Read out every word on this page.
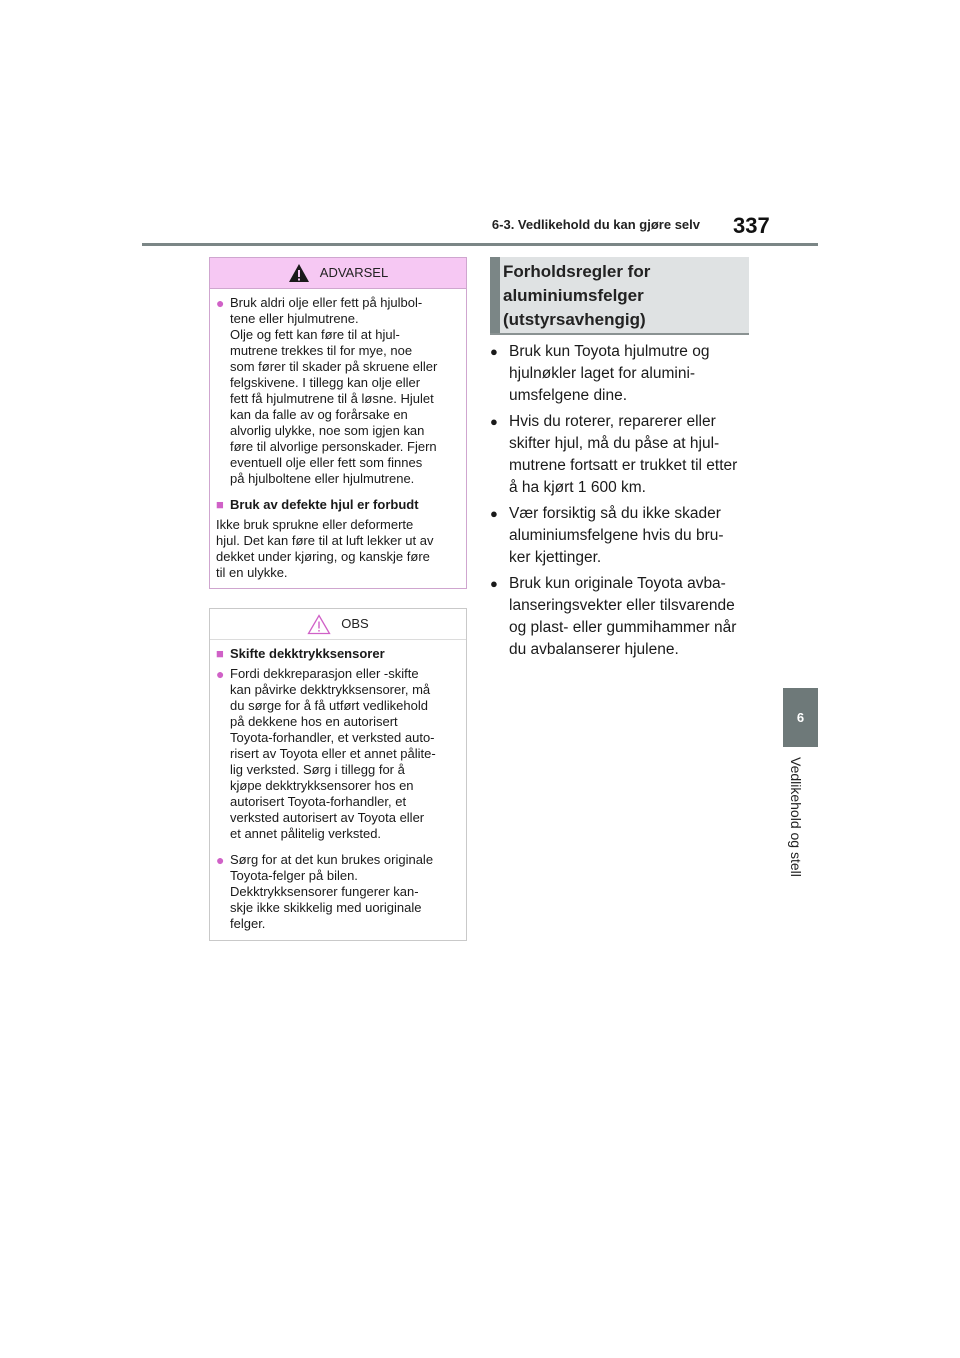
6-3. Vedlikehold du kan gjøre selv 337
6
Vedlikehold og stell
ADVARSEL
● Bruk aldri olje eller fett på hjulbol-
tene eller hjulmutrene.
Olje og fett kan føre til at hjul-
mutrene trekkes til for mye, noe
som fører til skader på skruene eller
felgskivene. I tillegg kan olje eller
fett få hjulmutrene til å løsne. Hjulet
kan da falle av og forårsake en
alvorlig ulykke, noe som igjen kan
føre til alvorlige personskader. Fjern
eventuell olje eller fett som finnes
på hjulboltene eller hjulmutrene.
■ Bruk av defekte hjul er forbudt
Ikke bruk sprukne eller deformerte
hjul. Det kan føre til at luft lekker ut av
dekket under kjøring, og kanskje føre
til en ulykke.
OBS
■ Skifte dekktrykksensorer
● Fordi dekkreparasjon eller -skifte
kan påvirke dekktrykksensorer, må
du sørge for å få utført vedlikehold
på dekkene hos en autorisert
Toyota-forhandler, et verksted auto-
risert av Toyota eller et annet pålite-
lig verksted. Sørg i tillegg for å
kjøpe dekktrykksensorer hos en
autorisert Toyota-forhandler, et
verksted autorisert av Toyota eller
et annet pålitelig verksted.
● Sørg for at det kun brukes originale
Toyota-felger på bilen.
Dekktrykksensorer fungerer kan-
skje ikke skikkelig med uoriginale
felger.
Forholdsregler for
aluminiumsfelger
(utstyrsavhengig)
● Bruk kun Toyota hjulmutre og
hjulnøkler laget for alumini-
umsfelgene dine.
● Hvis du roterer, reparerer eller
skifter hjul, må du påse at hjul-
mutrene fortsatt er trukket til etter
å ha kjørt 1 600 km.
● Vær forsiktig så du ikke skader
aluminiumsfelgene hvis du bru-
ker kjettinger.
● Bruk kun originale Toyota avba-
lanseringsvekter eller tilsvarende
og plast- eller gummihammer når
du avbalanserer hjulene.
